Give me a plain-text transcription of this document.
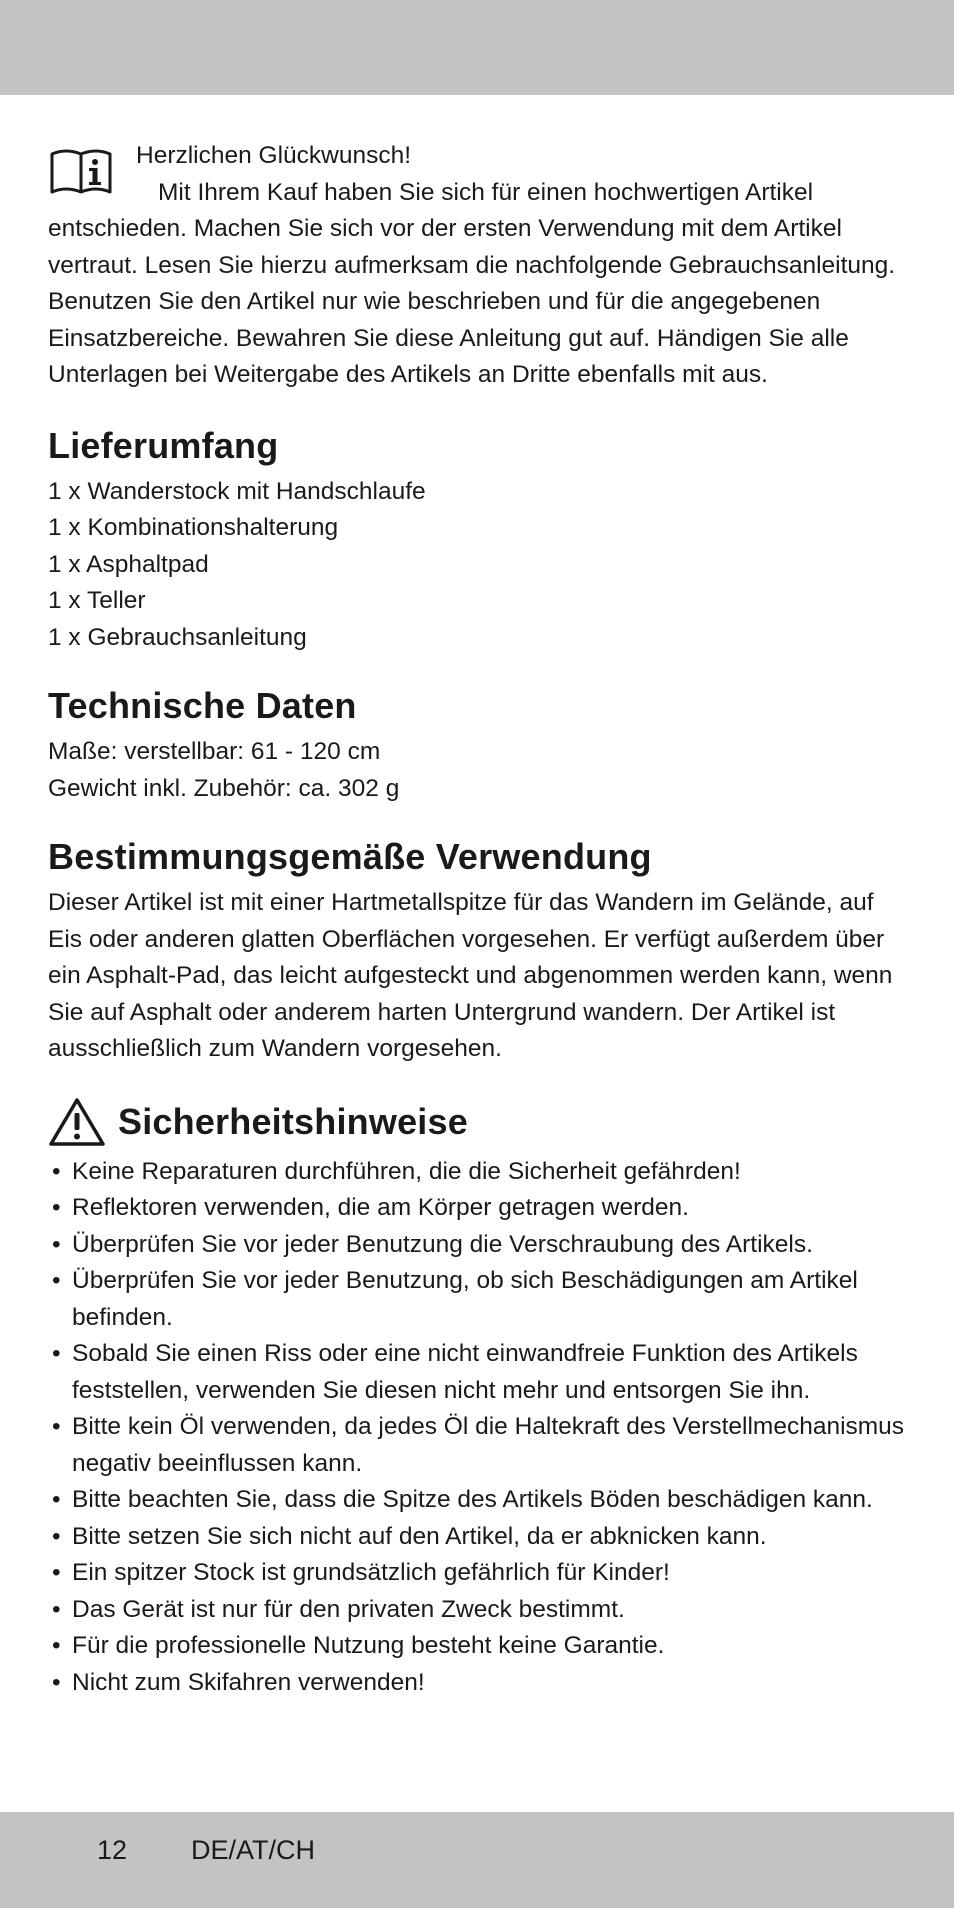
Herzlichen Glückwunsch!

Mit Ihrem Kauf haben Sie sich für einen hochwertigen Artikel entschieden. Machen Sie sich vor der ersten Verwendung mit dem Artikel vertraut. Lesen Sie hierzu aufmerksam die nachfolgende Gebrauchsanleitung. Benutzen Sie den Artikel nur wie beschrieben und für die angegebenen Einsatzbereiche. Bewahren Sie diese Anleitung gut auf. Händigen Sie alle Unterlagen bei Weitergabe des Artikels an Dritte ebenfalls mit aus.

Lieferumfang
1 x Wanderstock mit Handschlaufe
1 x Kombinationshalterung
1 x Asphaltpad
1 x Teller
1 x Gebrauchsanleitung
Technische Daten
Maße: verstellbar: 61 - 120 cm
Gewicht inkl. Zubehör: ca. 302 g
Bestimmungsgemäße Verwendung

Dieser Artikel ist mit einer Hartmetallspitze für das Wandern im Gelände, auf Eis oder anderen glatten Oberflächen vorgesehen. Er verfügt außerdem über ein Asphalt-Pad, das leicht aufgesteckt und abgenommen werden kann, wenn Sie auf Asphalt oder anderem harten Untergrund wandern. Der Artikel ist ausschließlich zum Wandern vorgesehen.

Sicherheitshinweise
• Keine Reparaturen durchführen, die die Sicherheit gefährden!
• Reflektoren verwenden, die am Körper getragen werden.
• Überprüfen Sie vor jeder Benutzung die Verschraubung des Artikels.
• Überprüfen Sie vor jeder Benutzung, ob sich Beschädigungen am Artikel befinden.
• Sobald Sie einen Riss oder eine nicht einwandfreie Funktion des Artikels feststellen, verwenden Sie diesen nicht mehr und entsorgen Sie ihn.
• Bitte kein Öl verwenden, da jedes Öl die Haltekraft des Verstellmechanismus negativ beeinflussen kann.
• Bitte beachten Sie, dass die Spitze des Artikels Böden beschädigen kann.
• Bitte setzen Sie sich nicht auf den Artikel, da er abknicken kann.
• Ein spitzer Stock ist grundsätzlich gefährlich für Kinder!
• Das Gerät ist nur für den privaten Zweck bestimmt.
• Für die professionelle Nutzung besteht keine Garantie.
• Nicht zum Skifahren verwenden!
12 DE/AT/CH
